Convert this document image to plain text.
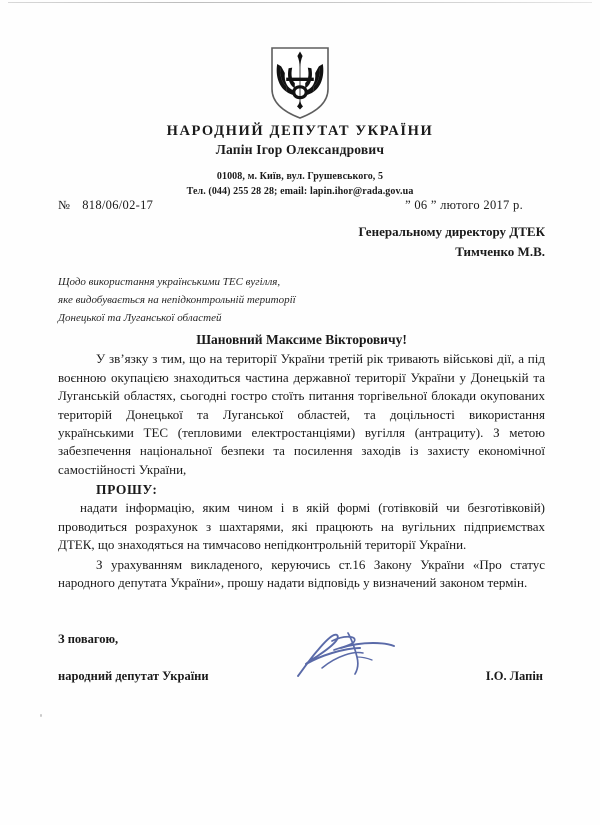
НАРОДНИЙ ДЕПУТАТ УКРАЇНИ
Лапін Ігор Олександрович
01008, м. Київ, вул. Грушевського, 5
Тел. (044) 255 28 28; email: lapin.ihor@rada.gov.ua
№ 818/06/02-17	” 06 ” лютого 2017 р.
Генеральному директору ДТЕК
Тимченко М.В.
Щодо використання українськими ТЕС вугілля,
яке видобувається на непідконтрольній території
Донецької та Луганської областей
Шановний Максиме Вікторовичу!

У зв’язку з тим, що на території України третій рік тривають військові дії, а під воєнною окупацією знаходиться частина державної території України у Донецькій та Луганській областях, сьогодні гостро стоїть питання торгівельної блокади окупованих територій Донецької та Луганської областей, та доцільності використання українськими ТЕС (тепловими електростанціями) вугілля (антрациту). З метою забезпечення національної безпеки та посилення заходів із захисту економічної самостійності України,

ПРОШУ:

надати інформацію, яким чином і в якій формі (готівковій чи безготівковій) проводиться розрахунок з шахтарями, які працюють на вугільних підприємствах ДТЕК, що знаходяться на тимчасово непідконтрольній території України.

З урахуванням викладеного, керуючись ст.16 Закону України «Про статус народного депутата України», прошу надати відповідь у визначений законом термін.

З повагою,
народний депутат України	І.О. Лапін
